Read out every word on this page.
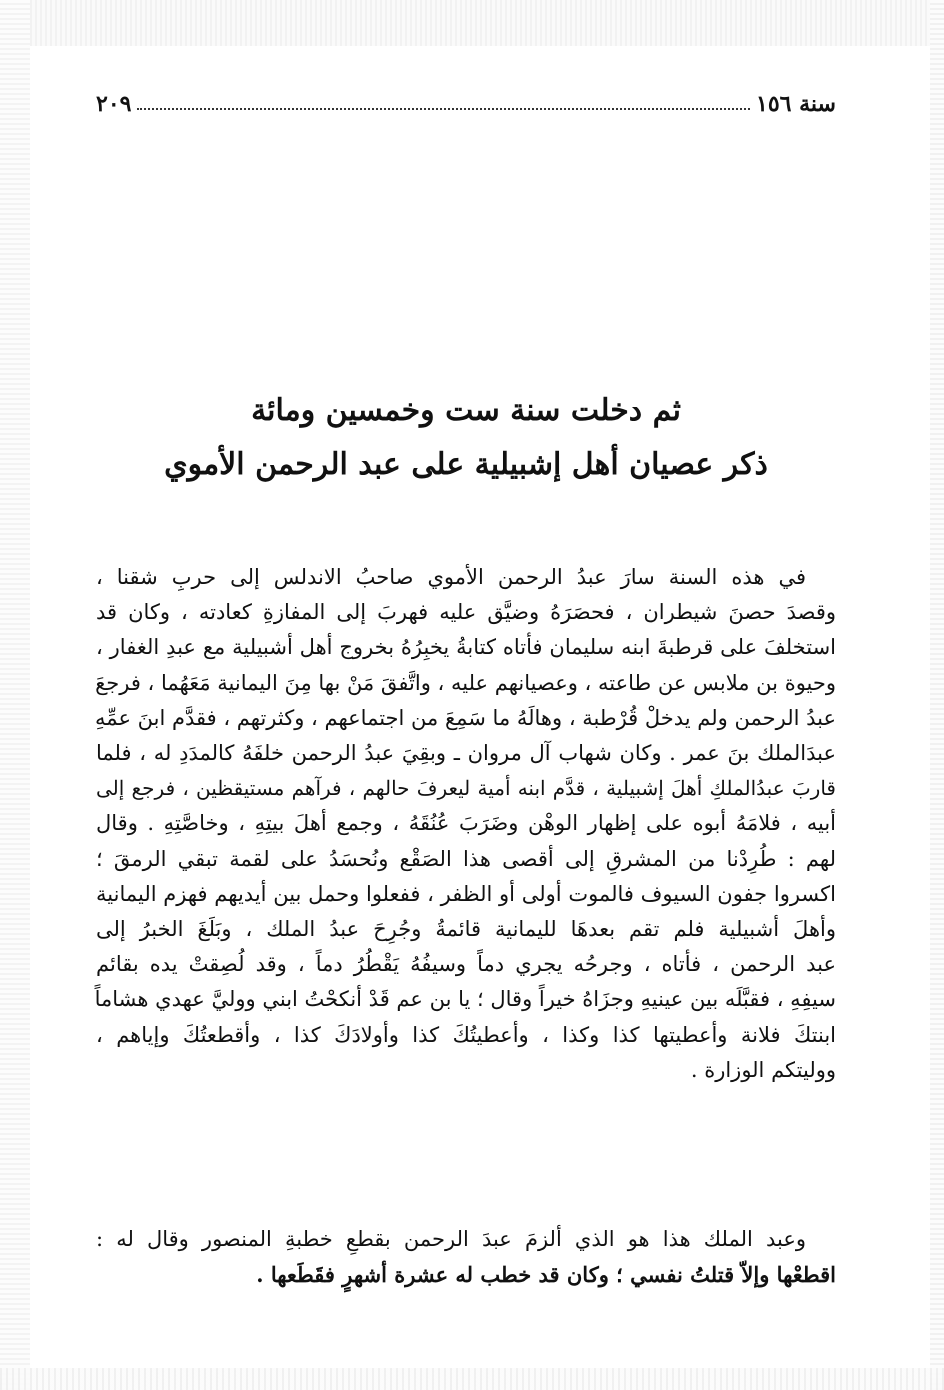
سنة ١٥٦
٢٠٩
ثم دخلت سنة ست وخمسين ومائة
ذكر عصيان أهل إشبيلية على عبد الرحمن الأموي
في هذه السنة سارَ عبدُ الرحمن الأموي صاحبُ الاندلس إلى حربِ شقنا ،
وقصدَ حصنَ شيطران ، فحصَرَهُ وضيَّق عليه فهربَ إلى المفازةِ كعادته ، وكان قد
استخلفَ على قرطبةَ ابنه سليمان فأتاه كتابةُ يخبِرُهُ بخروج أهل أشبيلية مع عبدِ الغفار ،
وحيوة بن ملابس عن طاعته ، وعصيانهم عليه ، واتَّفقَ مَنْ بها مِنَ اليمانية مَعَهُما ، فرجعَ
عبدُ الرحمن ولم يدخلْ قُرْطبة ، وهالَهُ ما سَمِعَ من اجتماعهم ، وكثرتهم ، فقدَّم ابنَ عمِّهِ
عبدَالملك بنَ عمر . وكان شهاب آل مروان ـ وبقِيَ عبدُ الرحمن خلفَهُ كالمدَدِ له ، فلما
قاربَ عبدُالملكِ أهلَ إشبيلية ، قدَّم ابنه أمية ليعرفَ حالهم ، فرآهم مستيقظين ، فرجع إلى
أبيه ، فلامَهُ أبوه على إظهار الوهْن وضَرَبَ عُنُقَهُ ، وجمع أهلَ بيتِهِ ، وخاصَّتِهِ . وقال
لهم : طُرِدْنا من المشرقِ إلى أقصى هذا الصَقْع ونُحسَدُ على لقمة تبقي الرمقَ ؛
اكسروا جفون السيوف فالموت أولى أو الظفر ، ففعلوا وحمل بين أيديهم فهزم اليمانية
وأهلَ أشبيلية فلم تقم بعدهَا لليمانية قائمةُ وجُرِحَ عبدُ الملك ، وبَلَغَ الخبرُ إلى
عبد الرحمن ، فأتاه ، وجرحُه يجري دماً وسيفُهُ يَقْطُرُ دماً ، وقد لُصِقتْ يده بقائم
سيفِهِ ، فقبَّلَه بين عينيهِ وجزَاهُ خيراً وقال ؛ يا بن عم قَدْ أنكحْتُ ابني ووليَّ عهدي هشاماً
ابنتكَ فلانة وأعطيتها كذا وكذا ، وأعطيتُكَ كذا وأولادَكَ كذا ، وأقطعتُكَ وإياهم ،
ووليتكم الوزارة .
وعبد الملك هذا هو الذي ألزمَ عبدَ الرحمن بقطعِ خطبةِ المنصور وقال له :
اقطعْها وإلاّ قتلتُ نفسي ؛ وكان قد خطب له عشرة أشهرٍ فقَطَعها .
